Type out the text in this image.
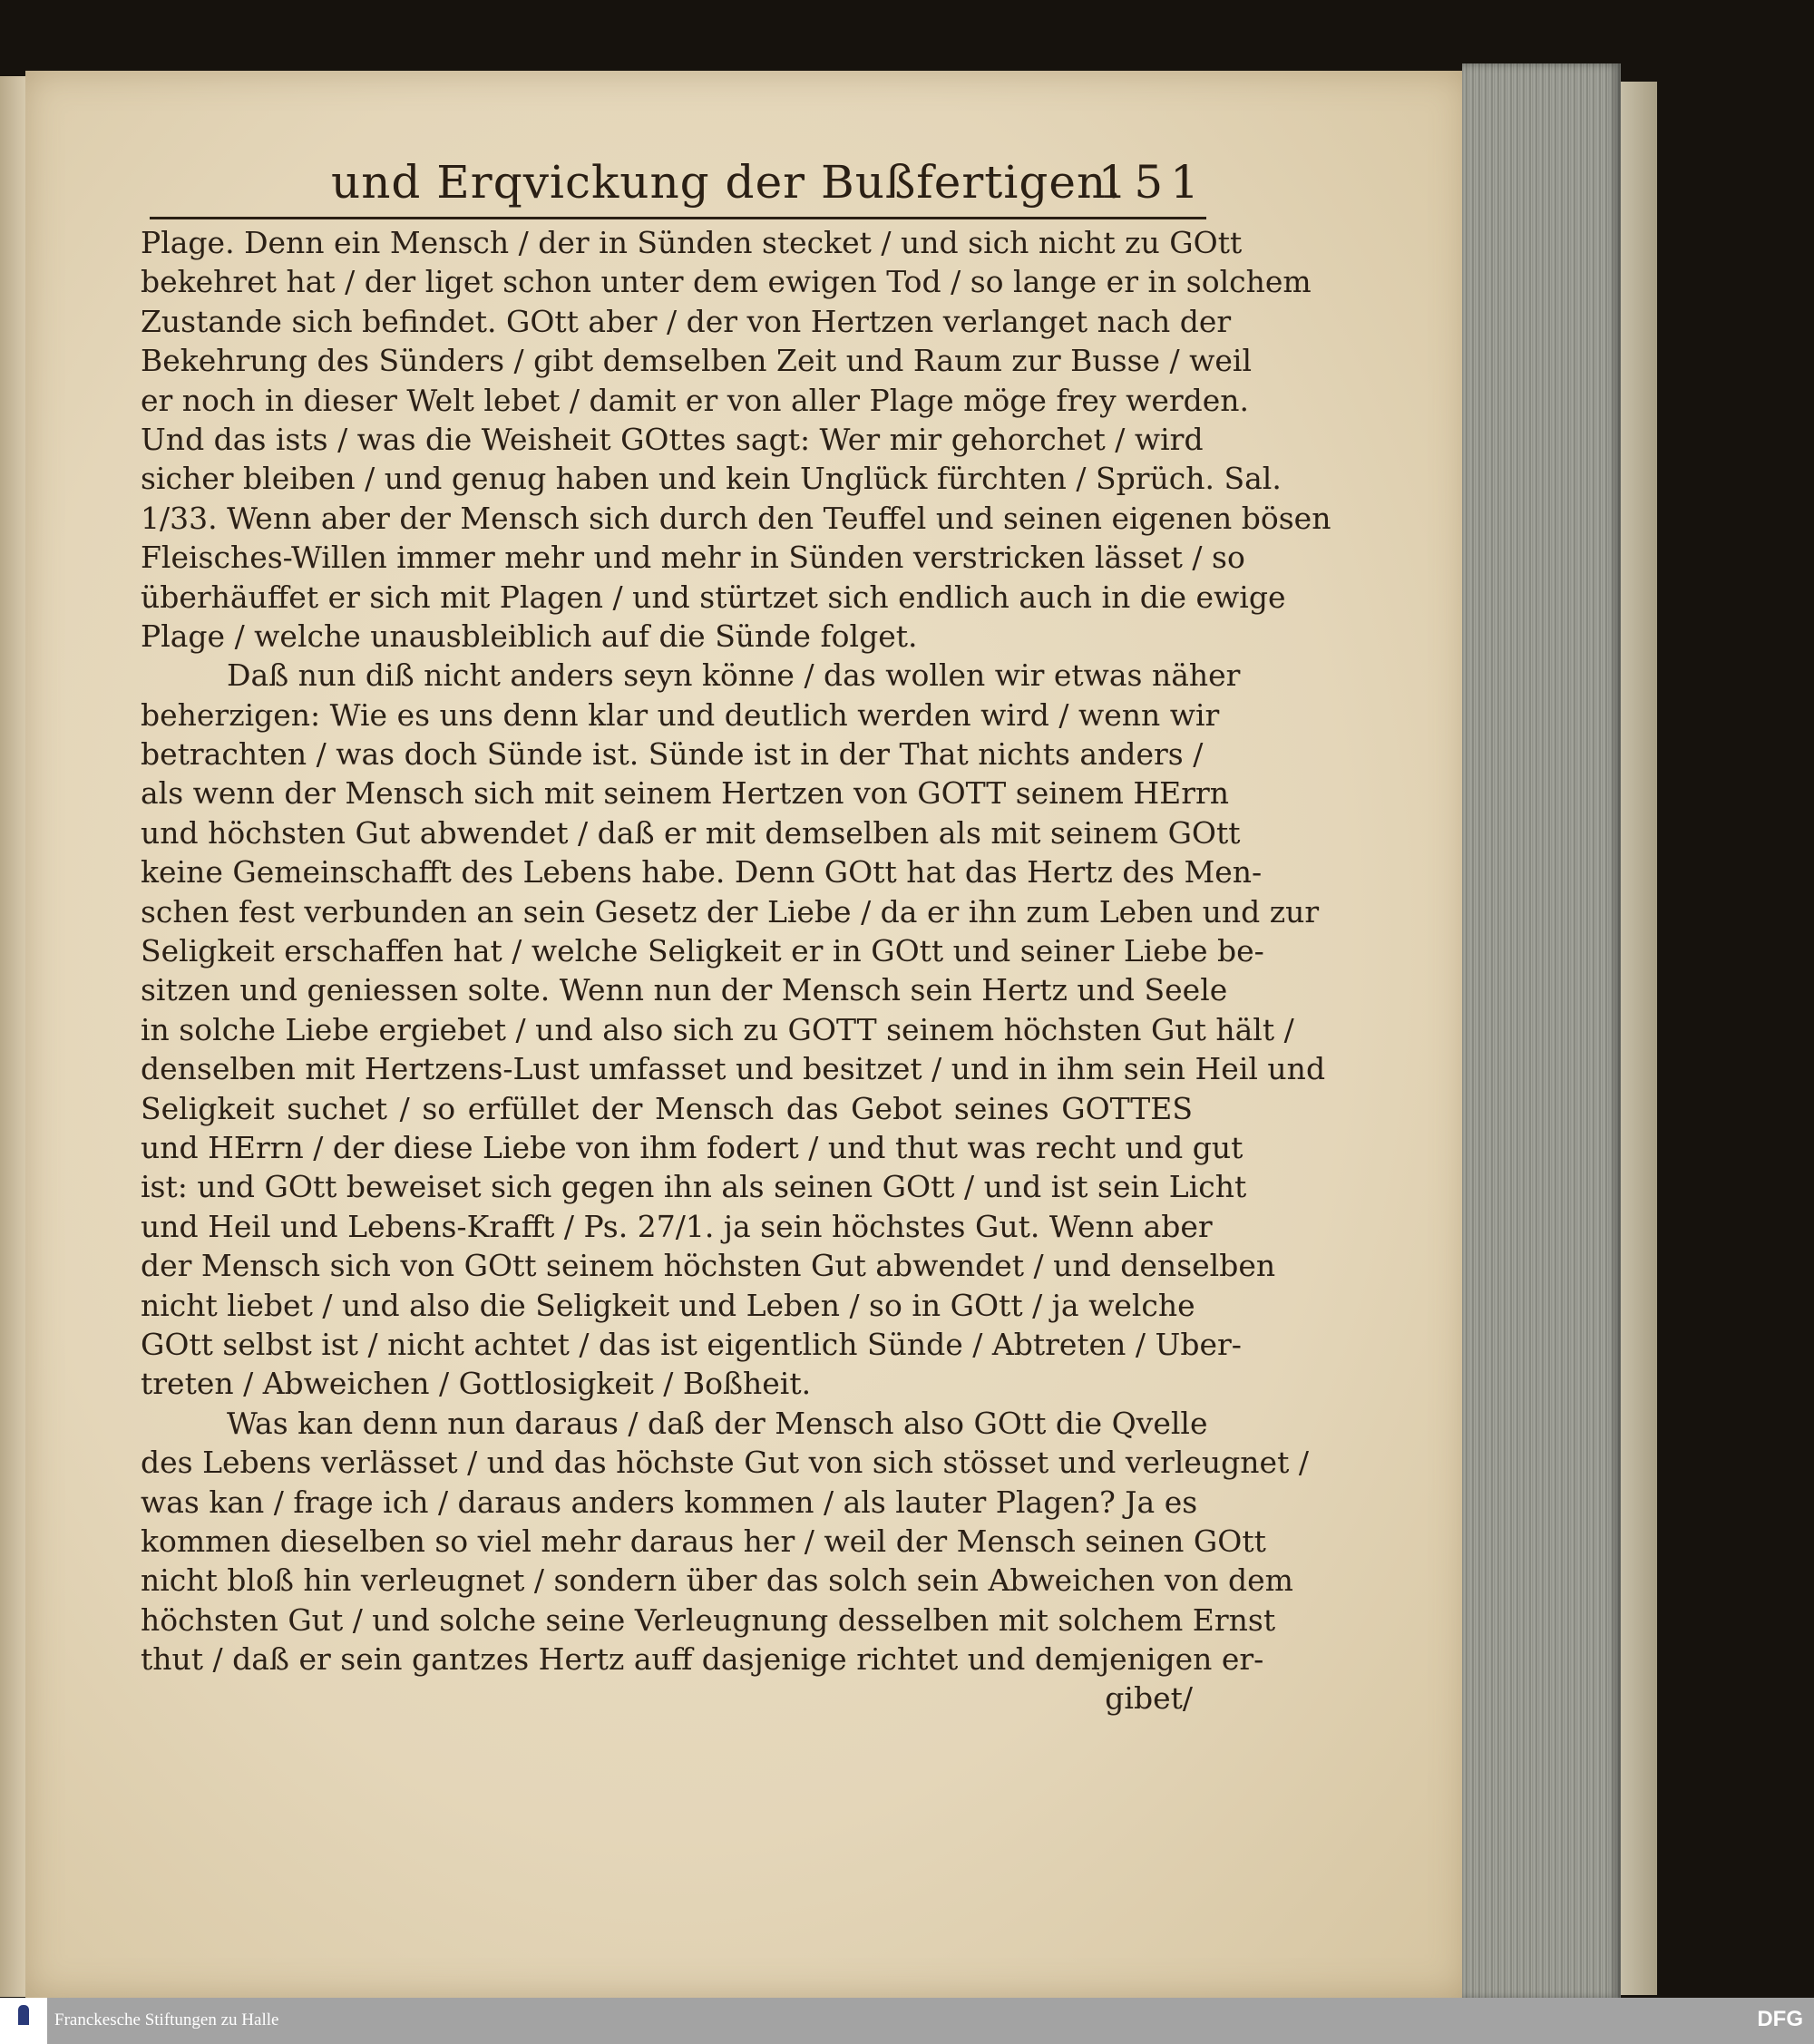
und Erqvickung der Bußfertigen.
151
Plage. Denn ein Mensch / der in Sünden stecket / und sich nicht zu GOtt
bekehret hat / der liget schon unter dem ewigen Tod / so lange er in solchem
Zustande sich befindet. GOtt aber / der von Hertzen verlanget nach der
Bekehrung des Sünders / gibt demselben Zeit und Raum zur Busse / weil
er noch in dieser Welt lebet / damit er von aller Plage möge frey werden.
Und das ists / was die Weisheit GOttes sagt: Wer mir gehorchet / wird
sicher bleiben / und genug haben und kein Unglück fürchten / Sprüch. Sal.
1/33. Wenn aber der Mensch sich durch den Teuffel und seinen eigenen bösen
Fleisches-Willen immer mehr und mehr in Sünden verstricken lässet / so
überhäuffet er sich mit Plagen / und stürtzet sich endlich auch in die ewige
Plage / welche unausbleiblich auf die Sünde folget.
Daß nun diß nicht anders seyn könne / das wollen wir etwas näher
beherzigen: Wie es uns denn klar und deutlich werden wird / wenn wir
betrachten / was doch Sünde ist. Sünde ist in der That nichts anders /
als wenn der Mensch sich mit seinem Hertzen von GOTT seinem HErrn
und höchsten Gut abwendet / daß er mit demselben als mit seinem GOtt
keine Gemeinschafft des Lebens habe. Denn GOtt hat das Hertz des Men-
schen fest verbunden an sein Gesetz der Liebe / da er ihn zum Leben und zur
Seligkeit erschaffen hat / welche Seligkeit er in GOtt und seiner Liebe be-
sitzen und geniessen solte. Wenn nun der Mensch sein Hertz und Seele
in solche Liebe ergiebet / und also sich zu GOTT seinem höchsten Gut hält /
denselben mit Hertzens-Lust umfasset und besitzet / und in ihm sein Heil und
Seligkeit suchet / so erfüllet der Mensch das Gebot seines GOTTES
und HErrn / der diese Liebe von ihm fodert / und thut was recht und gut
ist: und GOtt beweiset sich gegen ihn als seinen GOtt / und ist sein Licht
und Heil und Lebens-Krafft / Ps. 27/1. ja sein höchstes Gut. Wenn aber
der Mensch sich von GOtt seinem höchsten Gut abwendet / und denselben
nicht liebet / und also die Seligkeit und Leben / so in GOtt / ja welche
GOtt selbst ist / nicht achtet / das ist eigentlich Sünde / Abtreten / Uber-
treten / Abweichen / Gottlosigkeit / Boßheit.
Was kan denn nun daraus / daß der Mensch also GOtt die Qvelle
des Lebens verlässet / und das höchste Gut von sich stösset und verleugnet /
was kan / frage ich / daraus anders kommen / als lauter Plagen? Ja es
kommen dieselben so viel mehr daraus her / weil der Mensch seinen GOtt
nicht bloß hin verleugnet / sondern über das solch sein Abweichen von dem
höchsten Gut / und solche seine Verleugnung desselben mit solchem Ernst
thut / daß er sein gantzes Hertz auff dasjenige richtet und demjenigen er-
gibet/
Franckesche Stiftungen zu Halle	DFG
